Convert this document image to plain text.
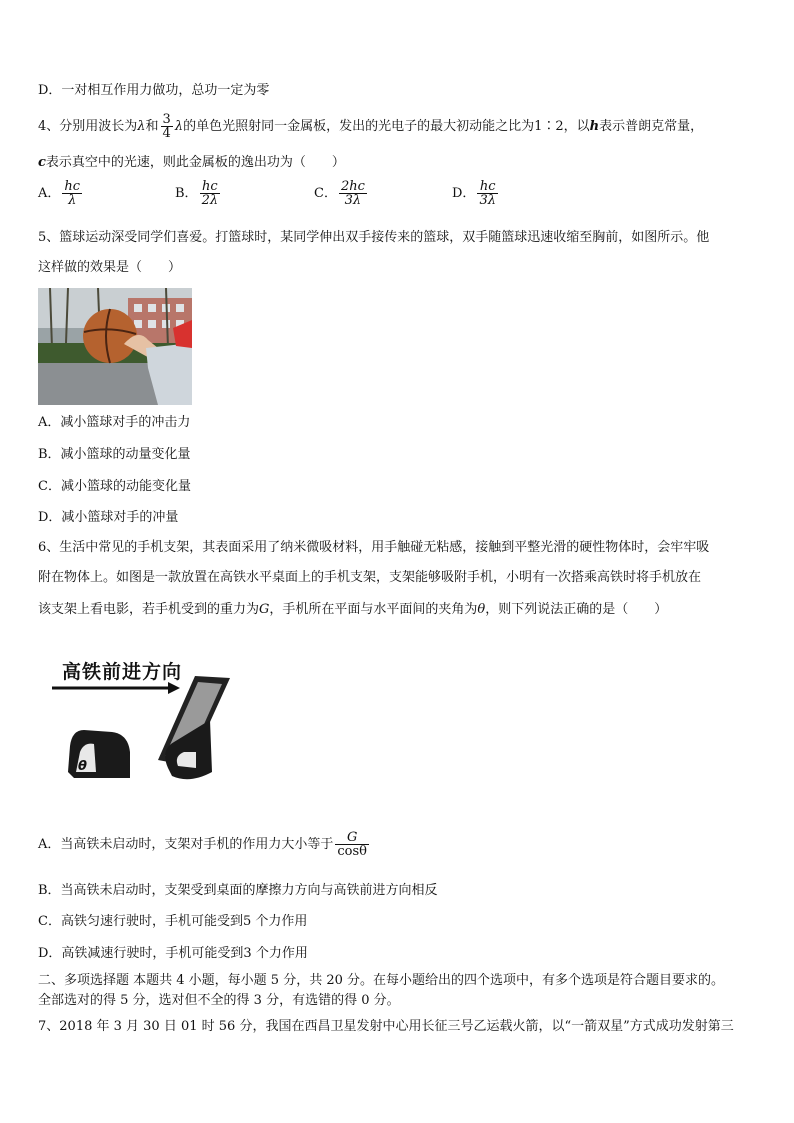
D．一对相互作用力做功，总功一定为零
4、分别用波长为λ和 $\frac{3}{4}$ λ的单色光照射同一金属板，发出的光电子的最大初动能之比为1∶2，以h表示普朗克常量，
c表示真空中的光速，则此金属板的逸出功为（　　）
A． $\frac{hc}{\lambda}$	B． $\frac{hc}{2\lambda}$	C． $\frac{2hc}{3\lambda}$	D． $\frac{hc}{3\lambda}$
5、篮球运动深受同学们喜爱。打篮球时，某同学伸出双手接传来的篮球，双手随篮球迅速收缩至胸前，如图所示。他
这样做的效果是（　　）
A．减小篮球对手的冲击力
B．减小篮球的动量变化量
C．减小篮球的动能变化量
D．减小篮球对手的冲量
6、生活中常见的手机支架，其表面采用了纳米微吸材料，用手触碰无粘感，接触到平整光滑的硬性物体时，会牢牢吸
附在物体上。如图是一款放置在高铁水平桌面上的手机支架，支架能够吸附手机，小明有一次搭乘高铁时将手机放在
该支架上看电影，若手机受到的重力为G，手机所在平面与水平面间的夹角为θ，则下列说法正确的是（　　）
高铁前进方向
θ
A．当高铁未启动时，支架对手机的作用力大小等于 $\frac{G}{\cos\theta}$
B．当高铁未启动时，支架受到桌面的摩擦力方向与高铁前进方向相反
C．高铁匀速行驶时，手机可能受到5 个力作用
D．高铁减速行驶时，手机可能受到3 个力作用
二、多项选择题 本题共 4 小题，每小题 5 分，共 20 分。在每小题给出的四个选项中，有多个选项是符合题目要求的。
全部选对的得 5 分，选对但不全的得 3 分，有选错的得 0 分。
7、2018 年 3 月 30 日 01 时 56 分，我国在西昌卫星发射中心用长征三号乙运载火箭，以“一箭双星”方式成功发射第三
